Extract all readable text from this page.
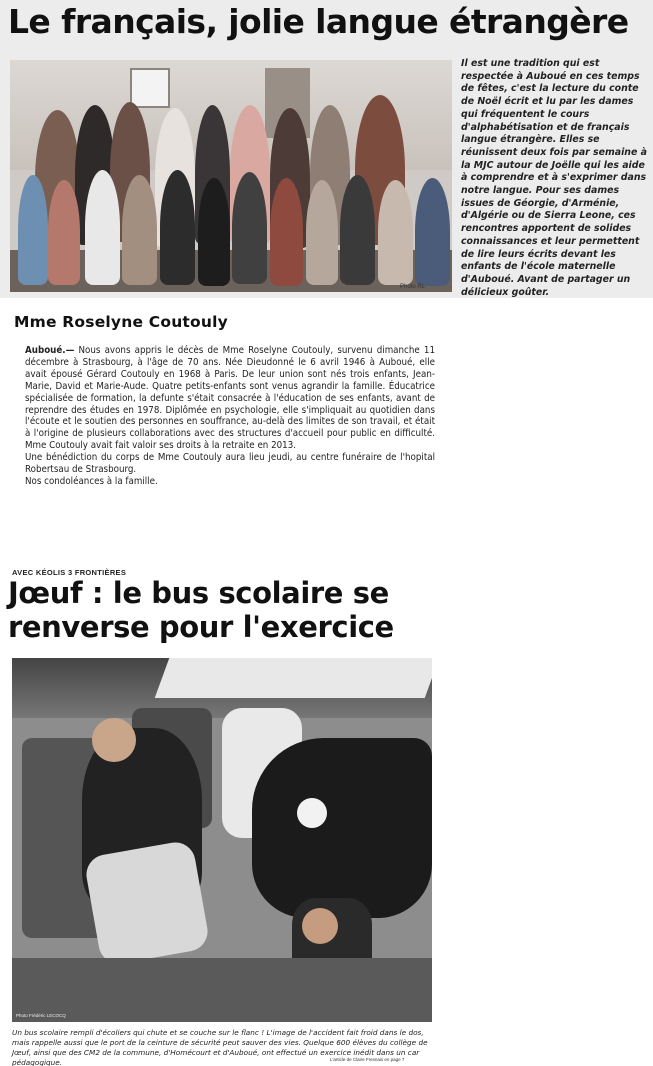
Le français, jolie langue étrangère
Photo RL

Il est une tradition qui est respectée à Auboué en ces temps de fêtes, c'est la lecture du conte de Noël écrit et lu par les dames qui fréquentent le cours d'alphabétisation et de français langue étrangère. Elles se réunissent deux fois par semaine à la MJC autour de Joëlle qui les aide à comprendre et à s'exprimer dans notre langue. Pour ses dames issues de Géorgie, d'Arménie, d'Algérie ou de Sierra Leone, ces rencontres apportent de solides connaissances et leur permettent de lire leurs écrits devant les enfants de l'école maternelle d'Auboué. Avant de partager un délicieux goûter.

Mme Roselyne Coutouly

Auboué.— Nous avons appris le décès de Mme Roselyne Coutouly, survenu dimanche 11 décembre à Strasbourg, à l'âge de 70 ans. Née Dieudonné le 6 avril 1946 à Auboué, elle avait épousé Gérard Coutouly en 1968 à Paris. De leur union sont nés trois enfants, Jean-Marie, David et Marie-Aude. Quatre petits-enfants sont venus agrandir la famille. Éducatrice spécialisée de formation, la defunte s'était consacrée à l'éducation de ses enfants, avant de reprendre des études en 1978. Diplômée en psychologie, elle s'impliquait au quotidien dans l'écoute et le soutien des personnes en souffrance, au-delà des limites de son travail, et était à l'origine de plusieurs collaborations avec des structures d'accueil pour public en difficulté. Mme Coutouly avait fait valoir ses droits à la retraite en 2013.

Une bénédiction du corps de Mme Coutouly aura lieu jeudi, au centre funéraire de l'hopital Robertsau de Strasbourg.

Nos condoléances à la famille.

AVEC KÉOLIS 3 FRONTIÈRES
Jœuf : le bus scolaire se renverse pour l'exercice
Photo Frédéric LECOCQ

Un bus scolaire rempli d'écoliers qui chute et se couche sur le flanc ! L'image de l'accident fait froid dans le dos, mais rappelle aussi que le port de la ceinture de sécurité peut sauver des vies. Quelque 600 élèves du collège de Jœuf, ainsi que des CM2 de la commune, d'Homécourt et d'Auboué, ont effectué un exercice inédit dans un car pédagogique.	L'article de Claire Fresnais en page 7
